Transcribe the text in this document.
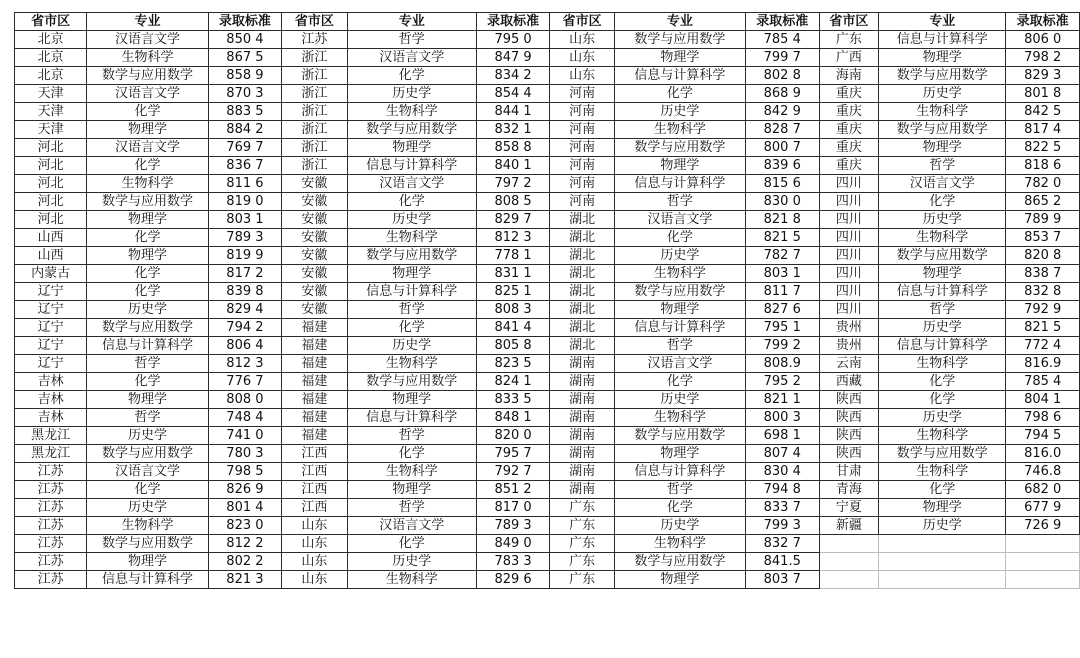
省市区	专业	录取标准	省市区	专业	录取标准	省市区	专业	录取标准	省市区	专业	录取标准
北京	汉语言文学	850 4	江苏	哲学	795 0	山东	数学与应用数学	785 4	广东	信息与计算科学	806 0
北京	生物科学	867 5	浙江	汉语言文学	847 9	山东	物理学	799 7	广西	物理学	798 2
北京	数学与应用数学	858 9	浙江	化学	834 2	山东	信息与计算科学	802 8	海南	数学与应用数学	829 3
天津	汉语言文学	870 3	浙江	历史学	854 4	河南	化学	868 9	重庆	历史学	801 8
天津	化学	883 5	浙江	生物科学	844 1	河南	历史学	842 9	重庆	生物科学	842 5
天津	物理学	884 2	浙江	数学与应用数学	832 1	河南	生物科学	828 7	重庆	数学与应用数学	817 4
河北	汉语言文学	769 7	浙江	物理学	858 8	河南	数学与应用数学	800 7	重庆	物理学	822 5
河北	化学	836 7	浙江	信息与计算科学	840 1	河南	物理学	839 6	重庆	哲学	818 6
河北	生物科学	811 6	安徽	汉语言文学	797 2	河南	信息与计算科学	815 6	四川	汉语言文学	782 0
河北	数学与应用数学	819 0	安徽	化学	808 5	河南	哲学	830 0	四川	化学	865 2
河北	物理学	803 1	安徽	历史学	829 7	湖北	汉语言文学	821 8	四川	历史学	789 9
山西	化学	789 3	安徽	生物科学	812 3	湖北	化学	821 5	四川	生物科学	853 7
山西	物理学	819 9	安徽	数学与应用数学	778 1	湖北	历史学	782 7	四川	数学与应用数学	820 8
内蒙古	化学	817 2	安徽	物理学	831 1	湖北	生物科学	803 1	四川	物理学	838 7
辽宁	化学	839 8	安徽	信息与计算科学	825 1	湖北	数学与应用数学	811 7	四川	信息与计算科学	832 8
辽宁	历史学	829 4	安徽	哲学	808 3	湖北	物理学	827 6	四川	哲学	792 9
辽宁	数学与应用数学	794 2	福建	化学	841 4	湖北	信息与计算科学	795 1	贵州	历史学	821 5
辽宁	信息与计算科学	806 4	福建	历史学	805 8	湖北	哲学	799 2	贵州	信息与计算科学	772 4
辽宁	哲学	812 3	福建	生物科学	823 5	湖南	汉语言文学	808.9	云南	生物科学	816.9
吉林	化学	776 7	福建	数学与应用数学	824 1	湖南	化学	795 2	西藏	化学	785 4
吉林	物理学	808 0	福建	物理学	833 5	湖南	历史学	821 1	陕西	化学	804 1
吉林	哲学	748 4	福建	信息与计算科学	848 1	湖南	生物科学	800 3	陕西	历史学	798 6
黑龙江	历史学	741 0	福建	哲学	820 0	湖南	数学与应用数学	698 1	陕西	生物科学	794 5
黑龙江	数学与应用数学	780 3	江西	化学	795 7	湖南	物理学	807 4	陕西	数学与应用数学	816.0
江苏	汉语言文学	798 5	江西	生物科学	792 7	湖南	信息与计算科学	830 4	甘肃	生物科学	746.8
江苏	化学	826 9	江西	物理学	851 2	湖南	哲学	794 8	青海	化学	682 0
江苏	历史学	801 4	江西	哲学	817 0	广东	化学	833 7	宁夏	物理学	677 9
江苏	生物科学	823 0	山东	汉语言文学	789 3	广东	历史学	799 3	新疆	历史学	726 9
江苏	数学与应用数学	812 2	山东	化学	849 0	广东	生物科学	832 7			
江苏	物理学	802 2	山东	历史学	783 3	广东	数学与应用数学	841.5			
江苏	信息与计算科学	821 3	山东	生物科学	829 6	广东	物理学	803 7			
